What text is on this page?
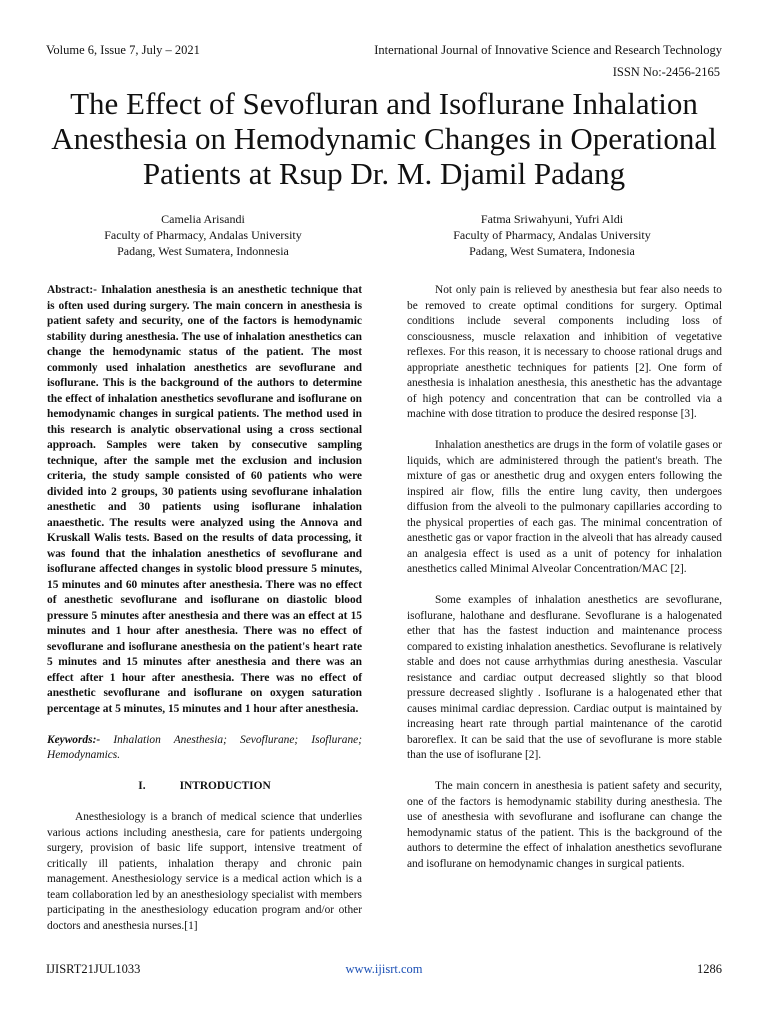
Volume 6, Issue 7, July – 2021	International Journal of Innovative Science and Research Technology
ISSN No:-2456-2165
The Effect of Sevofluran and Isoflurane Inhalation Anesthesia on Hemodynamic Changes in Operational Patients at Rsup Dr. M. Djamil Padang
Camelia Arisandi
Faculty of Pharmacy, Andalas University
Padang, West Sumatera, Indonnesia
Fatma Sriwahyuni, Yufri Aldi
Faculty of Pharmacy, Andalas University
Padang, West Sumatera, Indonesia

Abstract:- Inhalation anesthesia is an anesthetic technique that is often used during surgery. The main concern in anesthesia is patient safety and security, one of the factors is hemodynamic stability during anesthesia. The use of inhalation anesthetics can change the hemodynamic status of the patient. The most commonly used inhalation anesthetics are sevoflurane and isoflurane. This is the background of the authors to determine the effect of inhalation anesthetics sevoflurane and isoflurane on hemodynamic changes in surgical patients. The method used in this research is analytic observational using a cross sectional approach. Samples were taken by consecutive sampling technique, after the sample met the exclusion and inclusion criteria, the study sample consisted of 60 patients who were divided into 2 groups, 30 patients using sevoflurane inhalation anesthetic and 30 patients using isoflurane inhalation anaesthetic. The results were analyzed using the Annova and Kruskall Walis tests. Based on the results of data processing, it was found that the inhalation anesthetics of sevoflurane and isoflurane affected changes in systolic blood pressure 5 minutes, 15 minutes and 60 minutes after anesthesia. There was no effect of anesthetic sevoflurane and isoflurane on diastolic blood pressure 5 minutes after anesthesia and there was an effect at 15 minutes and 1 hour after anesthesia. There was no effect of sevoflurane and isoflurane anesthesia on the patient's heart rate 5 minutes and 15 minutes after anesthesia and there was an effect after 1 hour after anesthesia. There was no effect of anesthetic sevoflurane and isoflurane on oxygen saturation percentage at 5 minutes, 15 minutes and 1 hour after anesthesia.

Keywords:- Inhalation Anesthesia; Sevoflurane; Isoflurane; Hemodynamics.

I.	INTRODUCTION

Anesthesiology is a branch of medical science that underlies various actions including anesthesia, care for patients undergoing surgery, provision of basic life support, intensive treatment of critically ill patients, inhalation therapy and chronic pain management. Anesthesiology service is a medical action which is a team collaboration led by an anesthesiology specialist with members participating in the anesthesiology education program and/or other doctors and anesthesia nurses.[1]

Not only pain is relieved by anesthesia but fear also needs to be removed to create optimal conditions for surgery. Optimal conditions include several components including loss of consciousness, muscle relaxation and inhibition of vegetative reflexes. For this reason, it is necessary to choose rational drugs and appropriate anesthetic techniques for patients [2]. One form of anesthesia is inhalation anesthesia, this anesthetic has the advantage of high potency and concentration that can be controlled via a machine with dose titration to produce the desired response [3].

Inhalation anesthetics are drugs in the form of volatile gases or liquids, which are administered through the patient's breath. The mixture of gas or anesthetic drug and oxygen enters following the inspired air flow, fills the entire lung cavity, then undergoes diffusion from the alveoli to the pulmonary capillaries according to the physical properties of each gas. The minimal concentration of anesthetic gas or vapor fraction in the alveoli that has already caused an analgesia effect is used as a unit of potency for inhalation anesthetics called Minimal Alveolar Concentration/MAC [2].

Some examples of inhalation anesthetics are sevoflurane, isoflurane, halothane and desflurane. Sevoflurane is a halogenated ether that has the fastest induction and maintenance process compared to existing inhalation anesthetics. Sevoflurane is relatively stable and does not cause arrhythmias during anesthesia. Vascular resistance and cardiac output decreased slightly so that blood pressure decreased slightly . Isoflurane is a halogenated ether that causes minimal cardiac depression. Cardiac output is maintained by increasing heart rate through partial maintenance of the carotid baroreflex. It can be said that the use of sevoflurane is more stable than the use of isoflurane [2].

The main concern in anesthesia is patient safety and security, one of the factors is hemodynamic stability during anesthesia. The use of anesthesia with sevoflurane and isoflurane can change the hemodynamic status of the patient. This is the background of the authors to determine the effect of inhalation anesthetics sevoflurane and isoflurane on hemodynamic changes in surgical patients.

IJISRT21JUL1033	www.ijisrt.com	1286
